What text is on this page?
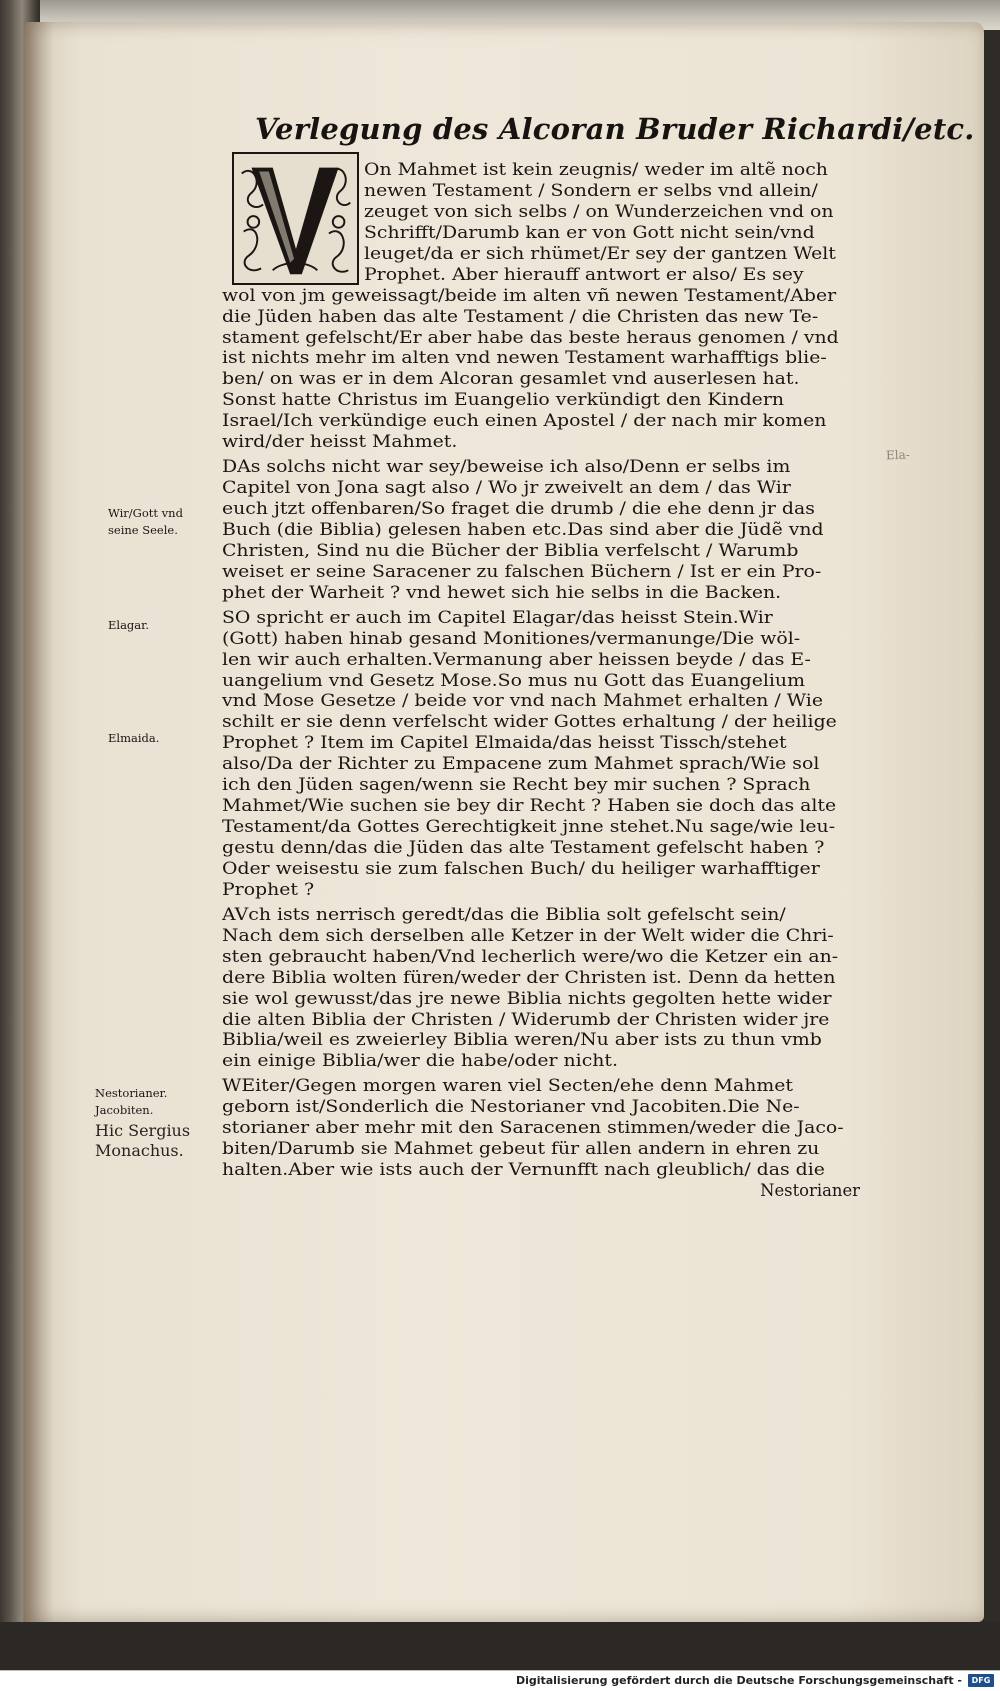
Verlegung des Alcoran Bruder Richardi/etc.
On Mahmet ist kein zeugnis/ weder im altẽ noch
newen Testament / Sondern er selbs vnd allein/
zeuget von sich selbs / on Wunderzeichen vnd on
Schrifft/Darumb kan er von Gott nicht sein/vnd
leuget/da er sich rhümet/Er sey der gantzen Welt
Prophet. Aber hierauff antwort er also/ Es sey
wol von jm geweissagt/beide im alten vñ newen Testament/Aber
die Jüden haben das alte Testament / die Christen das new Te-
stament gefelscht/Er aber habe das beste heraus genomen / vnd
ist nichts mehr im alten vnd newen Testament warhafftigs blie-
ben/ on was er in dem Alcoran gesamlet vnd auserlesen hat.
Sonst hatte Christus im Euangelio verkündigt den Kindern
Israel/Ich verkündige euch einen Apostel / der nach mir komen
wird/der heisst Mahmet.
DAs solchs nicht war sey/beweise ich also/Denn er selbs im
Capitel von Jona sagt also / Wo jr zweivelt an dem / das Wir
euch jtzt offenbaren/So fraget die drumb / die ehe denn jr das
Buch (die Biblia) gelesen haben etc.Das sind aber die Jüdẽ vnd
Christen, Sind nu die Bücher der Biblia verfelscht / Warumb
weiset er seine Saracener zu falschen Büchern / Ist er ein Pro-
phet der Warheit ? vnd hewet sich hie selbs in die Backen.
SO spricht er auch im Capitel Elagar/das heisst Stein.Wir
(Gott) haben hinab gesand Monitiones/vermanunge/Die wöl-
len wir auch erhalten.Vermanung aber heissen beyde / das E-
uangelium vnd Gesetz Mose.So mus nu Gott das Euangelium
vnd Mose Gesetze / beide vor vnd nach Mahmet erhalten / Wie
schilt er sie denn verfelscht wider Gottes erhaltung / der heilige
Prophet ? Item im Capitel Elmaida/das heisst Tissch/stehet
also/Da der Richter zu Empacene zum Mahmet sprach/Wie sol
ich den Jüden sagen/wenn sie Recht bey mir suchen ? Sprach
Mahmet/Wie suchen sie bey dir Recht ? Haben sie doch das alte
Testament/da Gottes Gerechtigkeit jnne stehet.Nu sage/wie leu-
gestu denn/das die Jüden das alte Testament gefelscht haben ?
Oder weisestu sie zum falschen Buch/ du heiliger warhafftiger
Prophet ?
AVch ists nerrisch geredt/das die Biblia solt gefelscht sein/
Nach dem sich derselben alle Ketzer in der Welt wider die Chri-
sten gebraucht haben/Vnd lecherlich were/wo die Ketzer ein an-
dere Biblia wolten füren/weder der Christen ist. Denn da hetten
sie wol gewusst/das jre newe Biblia nichts gegolten hette wider
die alten Biblia der Christen / Widerumb der Christen wider jre
Biblia/weil es zweierley Biblia weren/Nu aber ists zu thun vmb
ein einige Biblia/wer die habe/oder nicht.
WEiter/Gegen morgen waren viel Secten/ehe denn Mahmet
geborn ist/Sonderlich die Nestorianer vnd Jacobiten.Die Ne-
storianer aber mehr mit den Saracenen stimmen/weder die Jaco-
biten/Darumb sie Mahmet gebeut für allen andern in ehren zu
halten.Aber wie ists auch der Vernunfft nach gleublich/ das die
Nestorianer
Wir/Gott vnd
seine Seele.
Elagar.
Elmaida.
Nestorianer.
Jacobiten.
Hic Sergius
Monachus.
Ela-
Digitalisierung gefördert durch die Deutsche Forschungsgemeinschaft -	DFG
